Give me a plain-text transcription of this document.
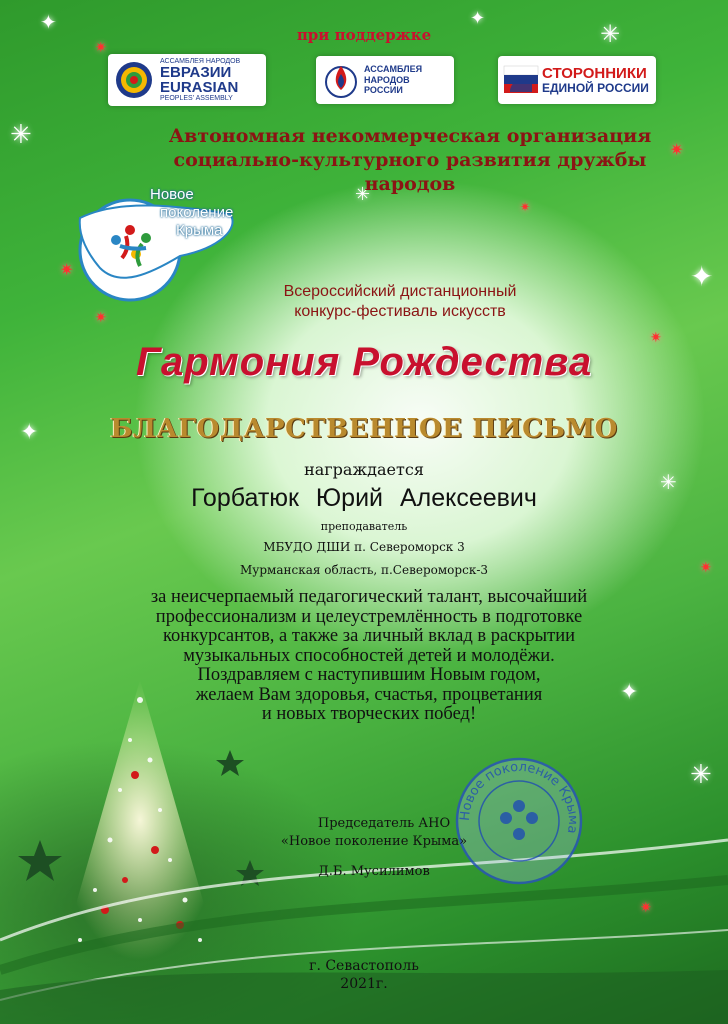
✦
✷
✳
✷
✦
✷
✳
✷
✦
✷
✳
✷
✦
✳
✷
✦
✷
✳
при поддержке
АССАМБЛЕЯ НАРОДОВ
ЕВРАЗИИ
EURASIAN
PEOPLES' ASSEMBLY
АССАМБЛЕЯ
НАРОДОВ
РОССИИ
СТОРОННИКИ
ЕДИНОЙ РОССИИ
Автономная некоммерческая организация
социально-культурного развития дружбы народов
Новое
поколение
Крыма
Всероссийский дистанционный
конкурс-фестиваль искусств
Гармония Рождества
БЛАГОДАРСТВЕННОЕ ПИСЬМО
награждается
Горбатюк Юрий Алексеевич
преподаватель
МБУДО ДШИ п. Североморск 3
Мурманская область, п.Североморск-3
за неисчерпаемый педагогический талант, высочайший
профессионализм и целеустремлённость в подготовке
конкурсантов, а также за личный вклад в раскрытии
музыкальных способностей детей и молодёжи.
Поздравляем с наступившим Новым годом,
желаем Вам здоровья, счастья, процветания
и новых творческих побед!
Новое поколение Крыма
Председатель АНО
«Новое поколение Крыма»
Д.Б. Мусилимов
г. Севастополь
2021г.
